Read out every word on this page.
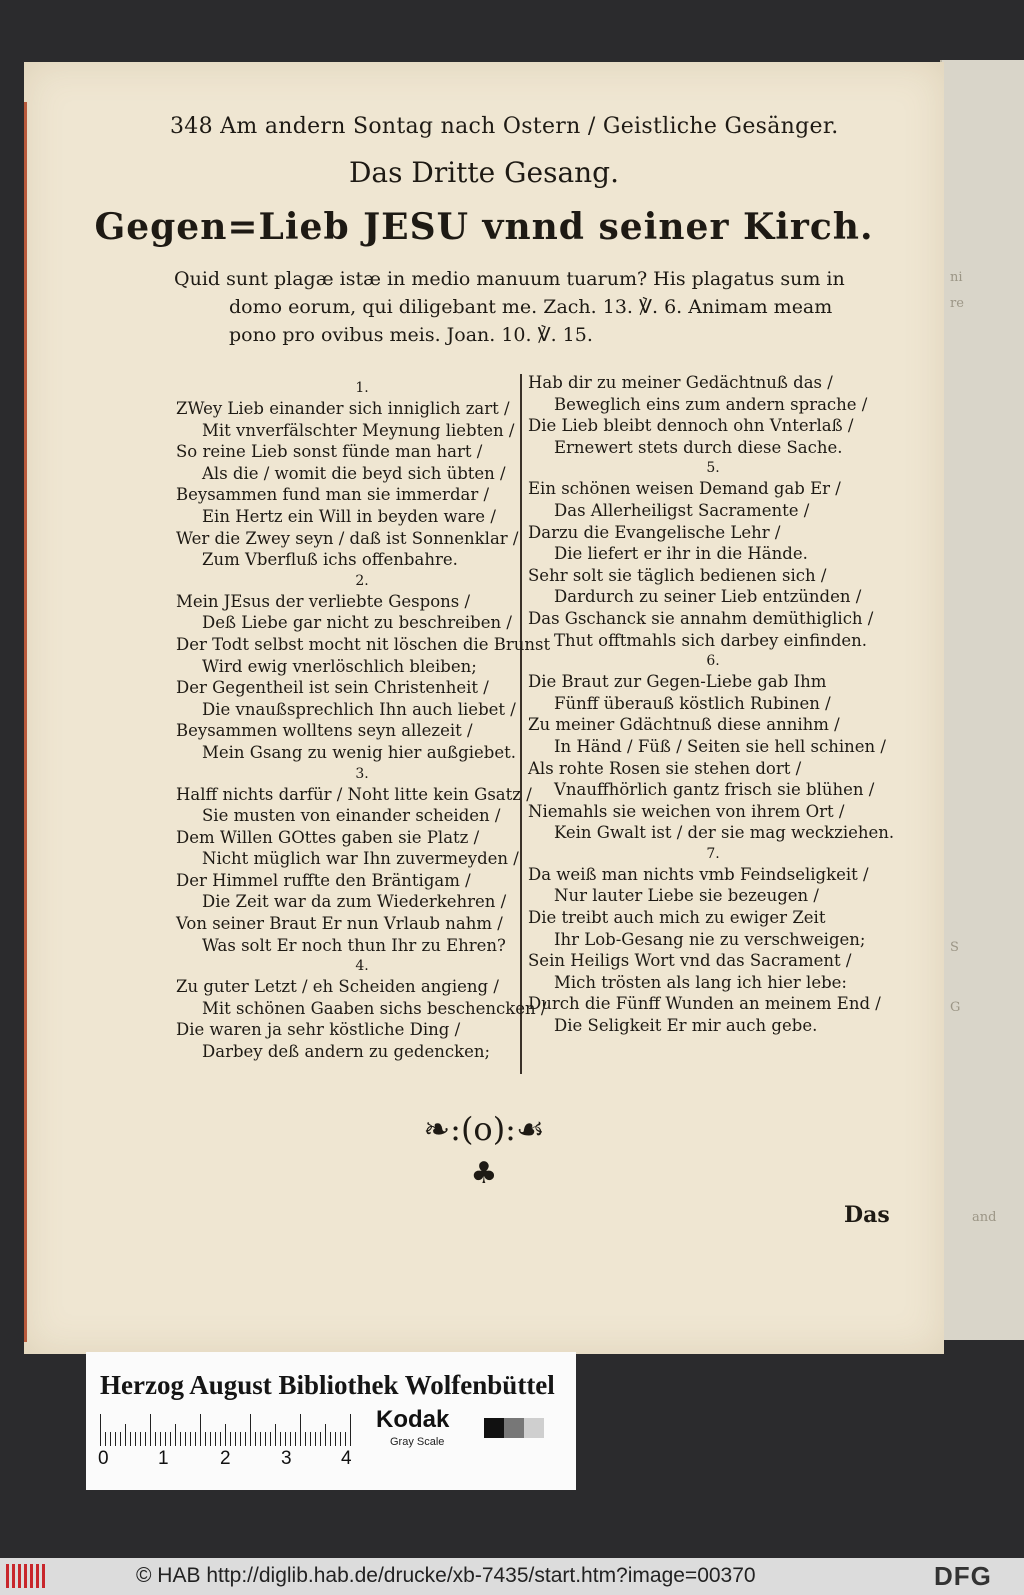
ni
re
S
G
and
348 Am andern Sontag nach Ostern / Geistliche Gesänger.
Das Dritte Gesang.
Gegen=Lieb JESU vnnd seiner Kirch.
Quid sunt plagæ istæ in medio manuum tuarum? His plagatus sum in
domo eorum, qui diligebant me. Zach. 13. ℣. 6. Animam meam
pono pro ovibus meis. Joan. 10. ℣. 15.
1.
ZWey Lieb einander sich inniglich zart /
Mit vnverfälschter Meynung liebten /
So reine Lieb sonst fünde man hart /
Als die / womit die beyd sich übten /
Beysammen fund man sie immerdar /
Ein Hertz ein Will in beyden ware /
Wer die Zwey seyn / daß ist Sonnenklar /
Zum Vberfluß ichs offenbahre.
2.
Mein JEsus der verliebte Gespons /
Deß Liebe gar nicht zu beschreiben /
Der Todt selbst mocht nit löschen die Brunst
Wird ewig vnerlöschlich bleiben;
Der Gegentheil ist sein Christenheit /
Die vnaußsprechlich Ihn auch liebet /
Beysammen wolltens seyn allezeit /
Mein Gsang zu wenig hier außgiebet.
3.
Halff nichts darfür / Noht litte kein Gsatz /
Sie musten von einander scheiden /
Dem Willen GOttes gaben sie Platz /
Nicht müglich war Ihn zuvermeyden /
Der Himmel ruffte den Bräntigam /
Die Zeit war da zum Wiederkehren /
Von seiner Braut Er nun Vrlaub nahm /
Was solt Er noch thun Ihr zu Ehren?
4.
Zu guter Letzt / eh Scheiden angieng /
Mit schönen Gaaben sichs beschencken /
Die waren ja sehr köstliche Ding /
Darbey deß andern zu gedencken;
Hab dir zu meiner Gedächtnuß das /
Beweglich eins zum andern sprache /
Die Lieb bleibt dennoch ohn Vnterlaß /
Ernewert stets durch diese Sache.
5.
Ein schönen weisen Demand gab Er /
Das Allerheiligst Sacramente /
Darzu die Evangelische Lehr /
Die liefert er ihr in die Hände.
Sehr solt sie täglich bedienen sich /
Dardurch zu seiner Lieb entzünden /
Das Gschanck sie annahm demüthiglich /
Thut offtmahls sich darbey einfinden.
6.
Die Braut zur Gegen-Liebe gab Ihm
Fünff überauß köstlich Rubinen /
Zu meiner Gdächtnuß diese annihm /
In Händ / Füß / Seiten sie hell schinen /
Als rohte Rosen sie stehen dort /
Vnauffhörlich gantz frisch sie blühen /
Niemahls sie weichen von ihrem Ort /
Kein Gwalt ist / der sie mag weckziehen.
7.
Da weiß man nichts vmb Feindseligkeit /
Nur lauter Liebe sie bezeugen /
Die treibt auch mich zu ewiger Zeit
Ihr Lob-Gesang nie zu verschweigen;
Sein Heiligs Wort vnd das Sacrament /
Mich trösten als lang ich hier lebe:
Durch die Fünff Wunden an meinem End /
Die Seligkeit Er mir auch gebe.
❧:(o):☙
♣
Das
Herzog August Bibliothek Wolfenbüttel
0	1	2	3	4
Kodak
Gray Scale
© HAB http://diglib.hab.de/drucke/xb-7435/start.htm?image=00370	DFG
